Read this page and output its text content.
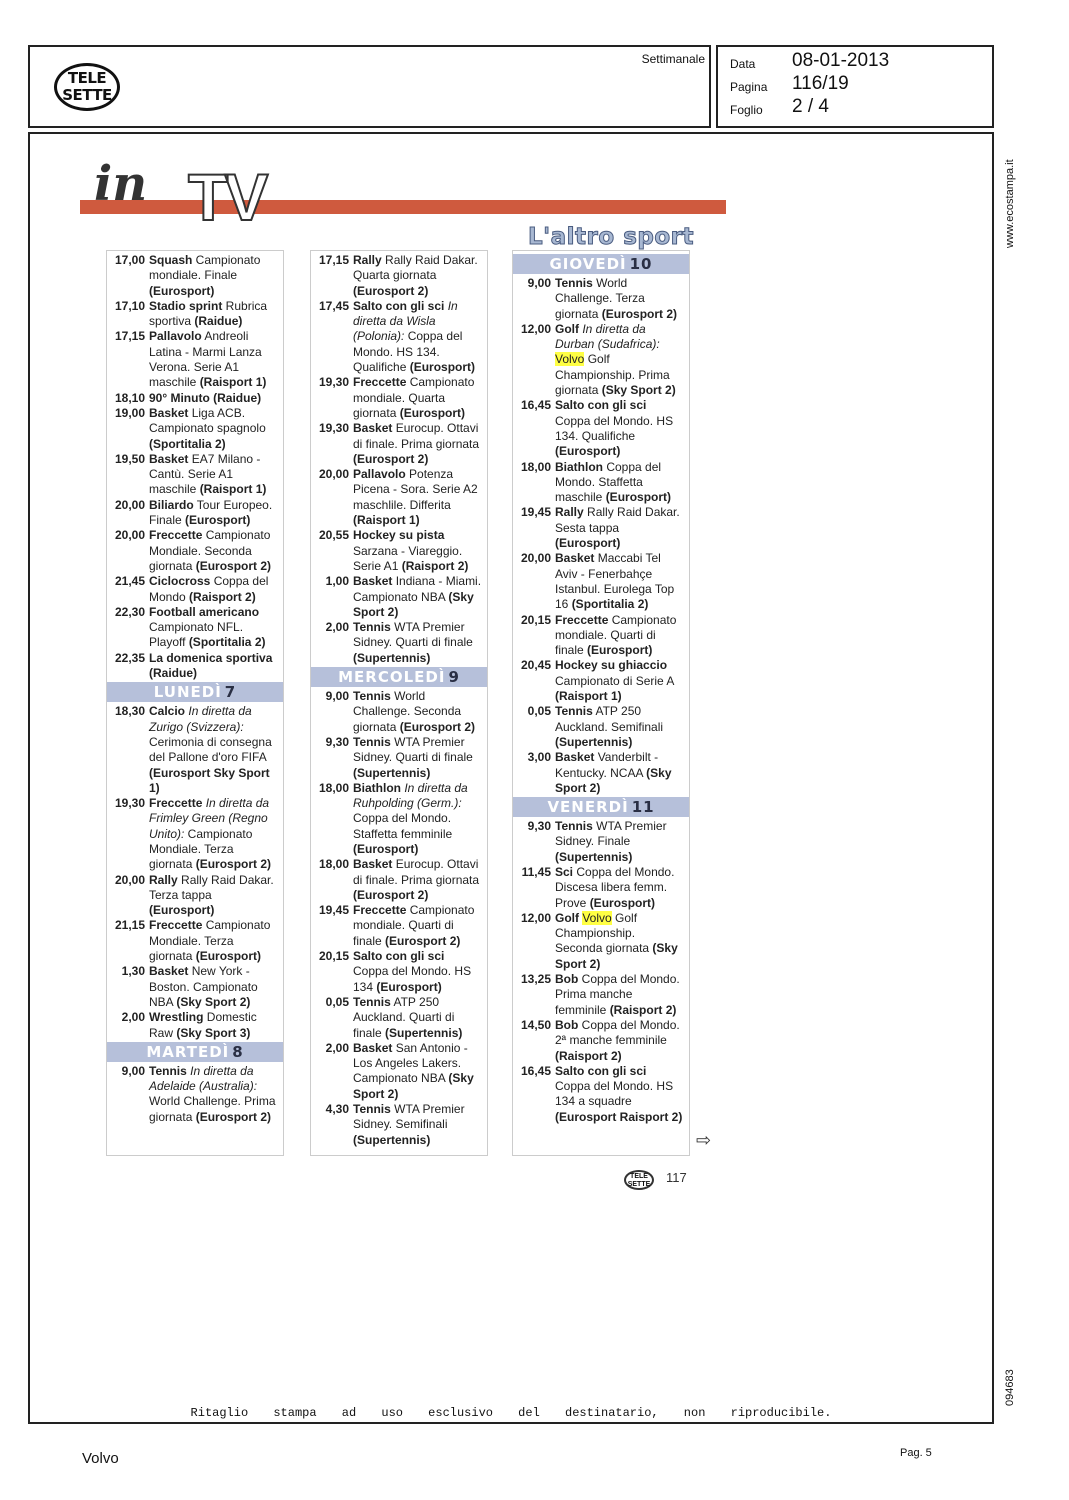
TELE
SETTE
Settimanale Data 08-01-2013
Pagina 116/19
Foglio 2 / 4
www.ecostampa.it
094683
in TV
L'altro sport
17,00 Squash Campionato mondiale. Finale (Eurosport)
17,10 Stadio sprint Rubrica sportiva (Raidue)
17,15 Pallavolo Andreoli Latina - Marmi Lanza Verona. Serie A1 maschile (Raisport 1)
18,10 90° Minuto (Raidue)
19,00 Basket Liga ACB. Campionato spagnolo (Sportitalia 2)
19,50 Basket EA7 Milano - Cantù. Serie A1 maschile (Raisport 1)
20,00 Biliardo Tour Europeo. Finale (Eurosport)
20,00 Freccette Campionato Mondiale. Seconda giornata (Eurosport 2)
21,45 Ciclocross Coppa del Mondo (Raisport 2)
22,30 Football americano Campionato NFL. Playoff (Sportitalia 2)
22,35 La domenica sportiva (Raidue)
LUNEDÌ 7
18,30 Calcio In diretta da Zurigo (Svizzera): Cerimonia di consegna del Pallone d'oro FIFA (Eurosport Sky Sport 1)
19,30 Freccette In diretta da Frimley Green (Regno Unito): Campionato Mondiale. Terza giornata (Eurosport 2)
20,00 Rally Rally Raid Dakar. Terza tappa (Eurosport)
21,15 Freccette Campionato Mondiale. Terza giornata (Eurosport)
1,30 Basket New York - Boston. Campionato NBA (Sky Sport 2)
2,00 Wrestling Domestic Raw (Sky Sport 3)
MARTEDÌ 8
9,00 Tennis In diretta da Adelaide (Australia): World Challenge. Prima giornata (Eurosport 2)
17,15 Rally Rally Raid Dakar. Quarta giornata (Eurosport 2)
17,45 Salto con gli sci In diretta da Wisla (Polonia): Coppa del Mondo. HS 134. Qualifiche (Eurosport)
19,30 Freccette Campionato mondiale. Quarta giornata (Eurosport)
19,30 Basket Eurocup. Ottavi di finale. Prima giornata (Eurosport 2)
20,00 Pallavolo Potenza Picena - Sora. Serie A2 maschlile. Differita (Raisport 1)
20,55 Hockey su pista Sarzana - Viareggio. Serie A1 (Raisport 2)
1,00 Basket Indiana - Miami. Campionato NBA (Sky Sport 2)
2,00 Tennis WTA Premier Sidney. Quarti di finale (Supertennis)
MERCOLEDÌ 9
9,00 Tennis World Challenge. Seconda giornata (Eurosport 2)
9,30 Tennis WTA Premier Sidney. Quarti di finale (Supertennis)
18,00 Biathlon In diretta da Ruhpolding (Germ.): Coppa del Mondo. Staffetta femminile (Eurosport)
18,00 Basket Eurocup. Ottavi di finale. Prima giornata (Eurosport 2)
19,45 Freccette Campionato mondiale. Quarti di finale (Eurosport 2)
20,15 Salto con gli sci Coppa del Mondo. HS 134 (Eurosport)
0,05 Tennis ATP 250 Auckland. Quarti di finale (Supertennis)
2,00 Basket San Antonio - Los Angeles Lakers. Campionato NBA (Sky Sport 2)
4,30 Tennis WTA Premier Sidney. Semifinali (Supertennis)
GIOVEDÌ 10
9,00 Tennis World Challenge. Terza giornata (Eurosport 2)
12,00 Golf In diretta da Durban (Sudafrica): Volvo Golf Championship. Prima giornata (Sky Sport 2)
16,45 Salto con gli sci Coppa del Mondo. HS 134. Qualifiche (Eurosport)
18,00 Biathlon Coppa del Mondo. Staffetta maschile (Eurosport)
19,45 Rally Rally Raid Dakar. Sesta tappa (Eurosport)
20,00 Basket Maccabi Tel Aviv - Fenerbahçe Istanbul. Eurolega Top 16 (Sportitalia 2)
20,15 Freccette Campionato mondiale. Quarti di finale (Eurosport)
20,45 Hockey su ghiaccio Campionato di Serie A (Raisport 1)
0,05 Tennis ATP 250 Auckland. Semifinali (Supertennis)
3,00 Basket Vanderbilt - Kentucky. NCAA (Sky Sport 2)
VENERDÌ 11
9,30 Tennis WTA Premier Sidney. Finale (Supertennis)
11,45 Sci Coppa del Mondo. Discesa libera femm. Prove (Eurosport)
12,00 Golf Volvo Golf Championship. Seconda giornata (Sky Sport 2)
13,25 Bob Coppa del Mondo. Prima manche femminile (Raisport 2)
14,50 Bob Coppa del Mondo. 2ª manche femminile (Raisport 2)
16,45 Salto con gli sci Coppa del Mondo. HS 134 a squadre (Eurosport Raisport 2)
⇨
TELE
SETTE 117
Ritaglio stampa ad uso esclusivo del destinatario, non riproducibile.
Volvo	Pag. 5
